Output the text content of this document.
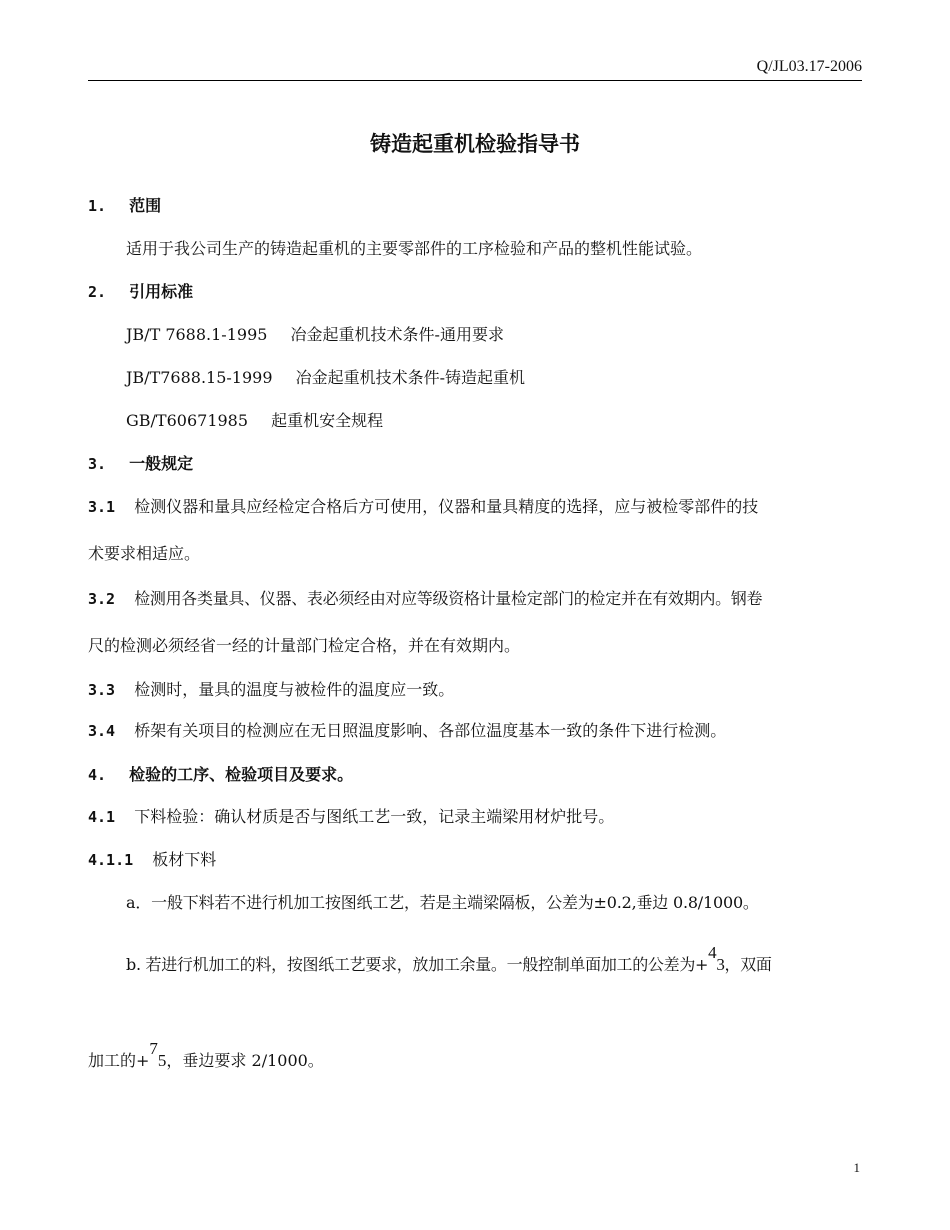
Q/JL03.17-2006
铸造起重机检验指导书
1. 范围
适用于我公司生产的铸造起重机的主要零部件的工序检验和产品的整机性能试验。
2. 引用标准
JB/T 7688.1-1995 冶金起重机技术条件-通用要求
JB/T7688.15-1999 冶金起重机技术条件-铸造起重机
GB/T60671985 起重机安全规程
3. 一般规定
3.1 检测仪器和量具应经检定合格后方可使用，仪器和量具精度的选择，应与被检零部件的技
术要求相适应。
3.2 检测用各类量具、仪器、表必须经由对应等级资格计量检定部门的检定并在有效期内。钢卷
尺的检测必须经省一经的计量部门检定合格，并在有效期内。
3.3 检测时，量具的温度与被检件的温度应一致。
3.4 桥架有关项目的检测应在无日照温度影响、各部位温度基本一致的条件下进行检测。
4. 检验的工序、检验项目及要求。
4.1 下料检验：确认材质是否与图纸工艺一致，记录主端梁用材炉批号。
4.1.1 板材下料
a．一般下料若不进行机加工按图纸工艺，若是主端梁隔板，公差为±0.2,垂边 0.8/1000。
b. 若进行机加工的料，按图纸工艺要求，放加工余量。一般控制单面加工的公差为+43，双面
加工的+75，垂边要求 2/1000。
1
